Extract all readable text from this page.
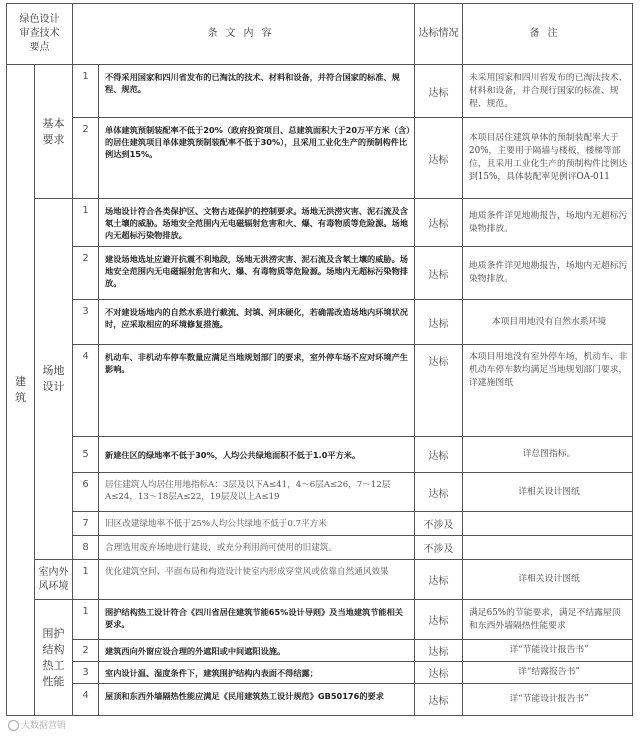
绿色设计
审查技术
要点		条文内容		达标情况	备注
建筑	基本
要求	1	不得采用国家和四川省发布的已淘汰的技术、材料和设备，并符合国家的标准、规程、规范。	达标	未采用国家和四川省发布的已淘汰技术、材料和设备，并合现行国家的标准、规程、规范。
		2	单体建筑预制装配率不低于20%（政府投资项目、总建筑面积大于20万平方米（含）的居住建筑项目单体建筑预制装配率不低于30%），且采用工业化生产的预制构件比例达到15%。	达标	本项目居住建筑单体的预制装配率大于20%，主要用于隔墙与楼板，楼梯等部位，且采用工业化生产的预制构件比例达到15%，具体装配率见例评OA-011
	场地
设计	1	场地设计符合各类保护区、文物古迹保护的控制要求。场地无洪涝灾害、泥石流及含氡土壤的威胁。场地安全范围内无电磁辐射危害和火、爆、有毒物质等危险源。场地内无超标污染物排放。	达标	地质条件详见地勘报告，场地内无超标污染物排放。
		2	建设场地选址应避开抗震不利地段，场地无洪涝灾害、泥石流及含氡土壤的威胁。场地安全范围内无电磁辐射危害和火、爆、有毒物质等危险源。场地内无超标污染物排放。	达标	地质条件详见地勘报告，场地内无超标污染物排放。
		3	不对建设场地内的自然水系进行截流、封填、河床硬化，若确需改造场地内环境状况时，应采取相应的环境修复措施。	达标	本项目用地没有自然水系环境
		4	机动车、非机动车停车数量应满足当地规划部门的要求，室外停车场不应对环境产生影响。	达标	本项目用地没有室外停车场，机动车、非机动车停车数均满足当地规划部门要求，详建施图纸
		5	新建住区的绿地率不低于30%，人均公共绿地面积不低于1.0平方米。	达标	详总图指标。
		6	居住建筑人均居住用地指标A：3层及以下A≤41，4～6层A≤26，7～12层A≤24，13～18层A≤22，19层及以上A≤19	达标	详相关设计图纸
		7	旧区改建绿地率不低于25%人均公共绿地不低于0.7平方米	不涉及	
		8	合理选用废弃场地进行建设，或充分利用尚可使用的旧建筑。	不涉及	
	室内外
风环境	1	优化建筑空间、平面布局和构造设计使室内形成穿堂风或依靠自然通风效果	达标	详相关设计图纸
	围护
结构
热工
性能	1	围护结构热工设计符合《四川省居住建筑节能65%设计导则》及当地建筑节能相关要求。	达标	满足65%的节能要求，满足不结露屋顶和东西外墙隔热性能要求
		2	建筑西向外窗应设合理的外遮阳或中间遮阳设施。	达标	详“节能设计报告书”
		3	室内设计温、湿度条件下，建筑围护结构内表面不得结露；	达标	详“结露报告书”
		4	屋顶和东西外墙隔热性能应满足《民用建筑热工设计规范》GB50176的要求	达标	详“节能设计报告书”
大数据营销
